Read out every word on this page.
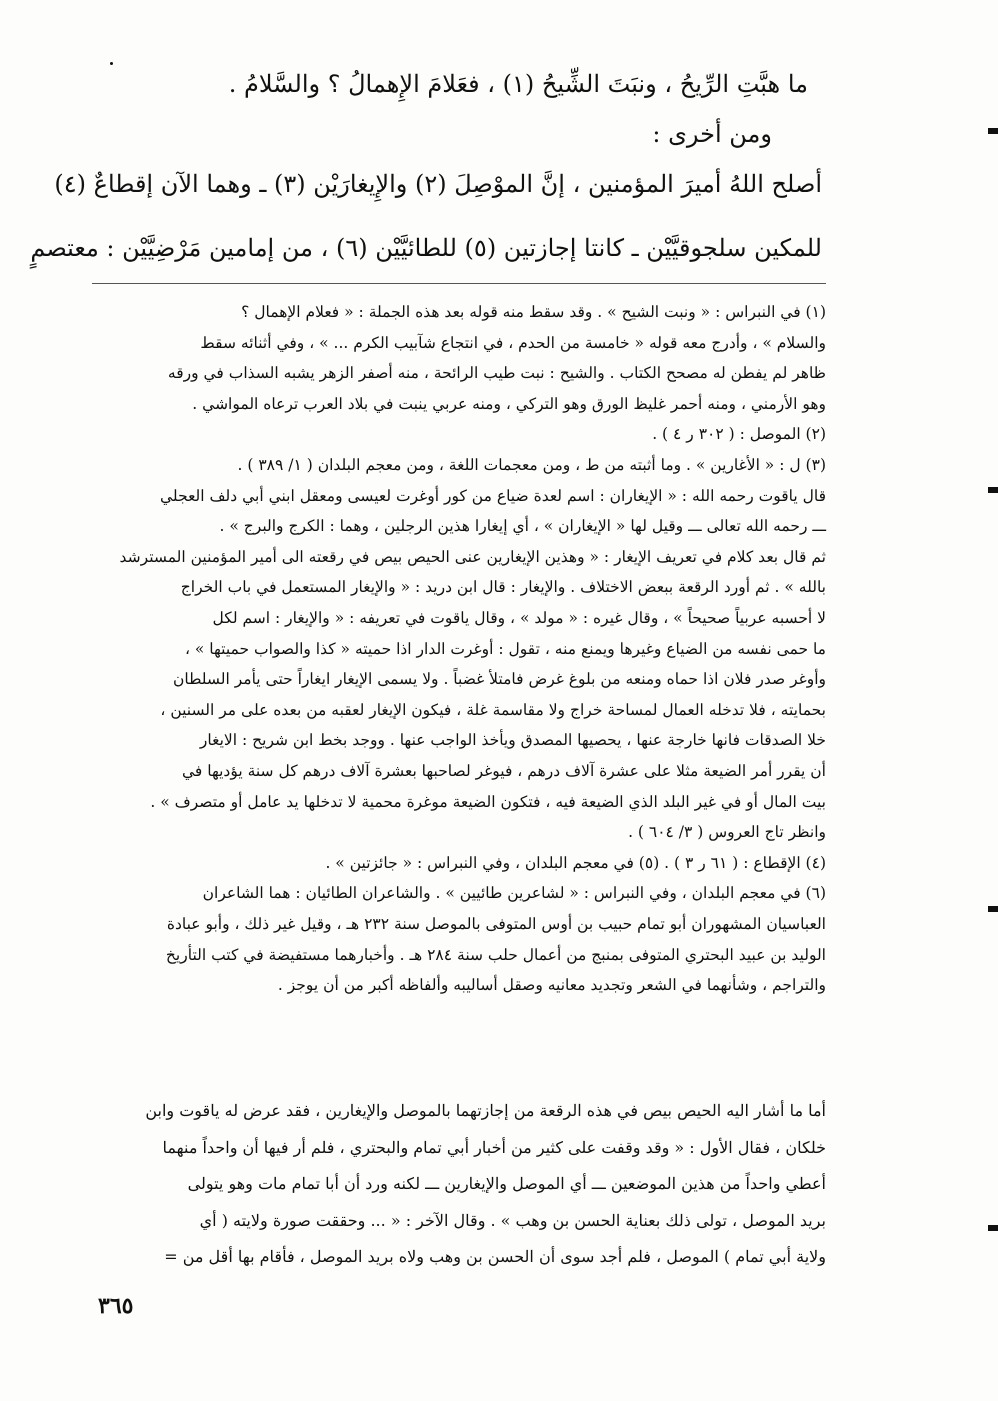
ما هبَّتِ الرِّيحُ ، ونبَتَ الشِّيحُ (١) ، فعَلامَ الإِهمالُ ؟ والسَّلامُ .
ومن أخرى :
أصلح اللهُ أميرَ المؤمنين ، إنَّ الموْصِلَ (٢) والإِيغارَيْن (٣) ـ وهما الآن إقطاعٌ (٤)
للمكين سلجوقيَّيْن ـ كانتا إجازتين (٥) للطائيَّيْن (٦) ، من إمامين مَرْضِيَّيْن : معتصمٍ
(١) في النبراس : « ونبت الشيح » . وقد سقط منه قوله بعد هذه الجملة : « فعلام الإهمال ؟
والسلام » ، وأدرج معه قوله « خامسة من الحدم ، في انتجاع شآبيب الكرم ... » ، وفي أثنائه سقط
ظاهر لم يفطن له مصحح الكتاب . والشيح : نبت طيب الرائحة ، منه أصفر الزهر يشبه السذاب في ورقه
وهو الأرمني ، ومنه أحمر غليظ الورق وهو التركي ، ومنه عربي ينبت في بلاد العرب ترعاه المواشي .
(٢) الموصل : ( ٣٠٢ ر ٤ ) .
(٣) ل : « الأغارين » . وما أثبته من ط ، ومن معجمات اللغة ، ومن معجم البلدان ( ١/ ٣٨٩ ) .
قال ياقوت رحمه الله : « الإيغاران : اسم لعدة ضياع من كور أوغرت لعيسى ومعقل ابني أبي دلف العجلي
ـــ رحمه الله تعالى ـــ وقيل لها « الإيغاران » ، أي إيغارا هذين الرجلين ، وهما : الكرج والبرج » .
ثم قال بعد كلام في تعريف الإيغار : « وهذين الإيغارين عنى الحيص بيص في رقعته الى أمير المؤمنين المسترشد
بالله » . ثم أورد الرقعة ببعض الاختلاف . والإيغار : قال ابن دريد : « والإيغار المستعمل في باب الخراج
لا أحسبه عربياً صحيحاً » ، وقال غيره : « مولد » ، وقال ياقوت في تعريفه : « والإيغار : اسم لكل
ما حمى نفسه من الضياع وغيرها ويمنع منه ، تقول : أوغرت الدار اذا حميته « كذا والصواب حميتها » ،
وأوغر صدر فلان اذا حماه ومنعه من بلوغ غرض فامتلأ غضباً . ولا يسمى الإيغار ايغاراً حتى يأمر السلطان
بحمايته ، فلا تدخله العمال لمساحة خراج ولا مقاسمة غلة ، فيكون الإيغار لعقبه من بعده على مر السنين ،
خلا الصدقات فانها خارجة عنها ، يحصيها المصدق ويأخذ الواجب عنها . ووجد بخط ابن شريح : الايغار
أن يقرر أمر الضيعة مثلا على عشرة آلاف درهم ، فيوغر لصاحبها بعشرة آلاف درهم كل سنة يؤديها في
بيت المال أو في غير البلد الذي الضيعة فيه ، فتكون الضيعة موغرة محمية لا تدخلها يد عامل أو متصرف » .
وانظر تاج العروس ( ٣/ ٦٠٤ ) .
(٤) الإقطاع : ( ٦١ ر ٣ ) . (٥) في معجم البلدان ، وفي النبراس : « جائزتين » .
(٦) في معجم البلدان ، وفي النبراس : « لشاعرين طائيين » . والشاعران الطائيان : هما الشاعران
العباسيان المشهوران أبو تمام حبيب بن أوس المتوفى بالموصل سنة ٢٣٢ هـ ، وقيل غير ذلك ، وأبو عبادة
الوليد بن عبيد البحتري المتوفى بمنبج من أعمال حلب سنة ٢٨٤ هـ . وأخبارهما مستفيضة في كتب التأريخ
والتراجم ، وشأنهما في الشعر وتجديد معانيه وصقل أساليبه وألفاظه أكبر من أن يوجز .
أما ما أشار اليه الحيص بيص في هذه الرقعة من إجازتهما بالموصل والإيغارين ، فقد عرض له ياقوت وابن
خلكان ، فقال الأول : « وقد وقفت على كثير من أخبار أبي تمام والبحتري ، فلم أر فيها أن واحداً منهما
أعطي واحداً من هذين الموضعين ـــ أي الموصل والإيغارين ـــ لكنه ورد أن أبا تمام مات وهو يتولى
بريد الموصل ، تولى ذلك بعناية الحسن بن وهب » . وقال الآخر : « ... وحققت صورة ولايته ( أي
ولاية أبي تمام ) الموصل ، فلم أجد سوى أن الحسن بن وهب ولاه بريد الموصل ، فأقام بها أقل من =
٣٦٥
